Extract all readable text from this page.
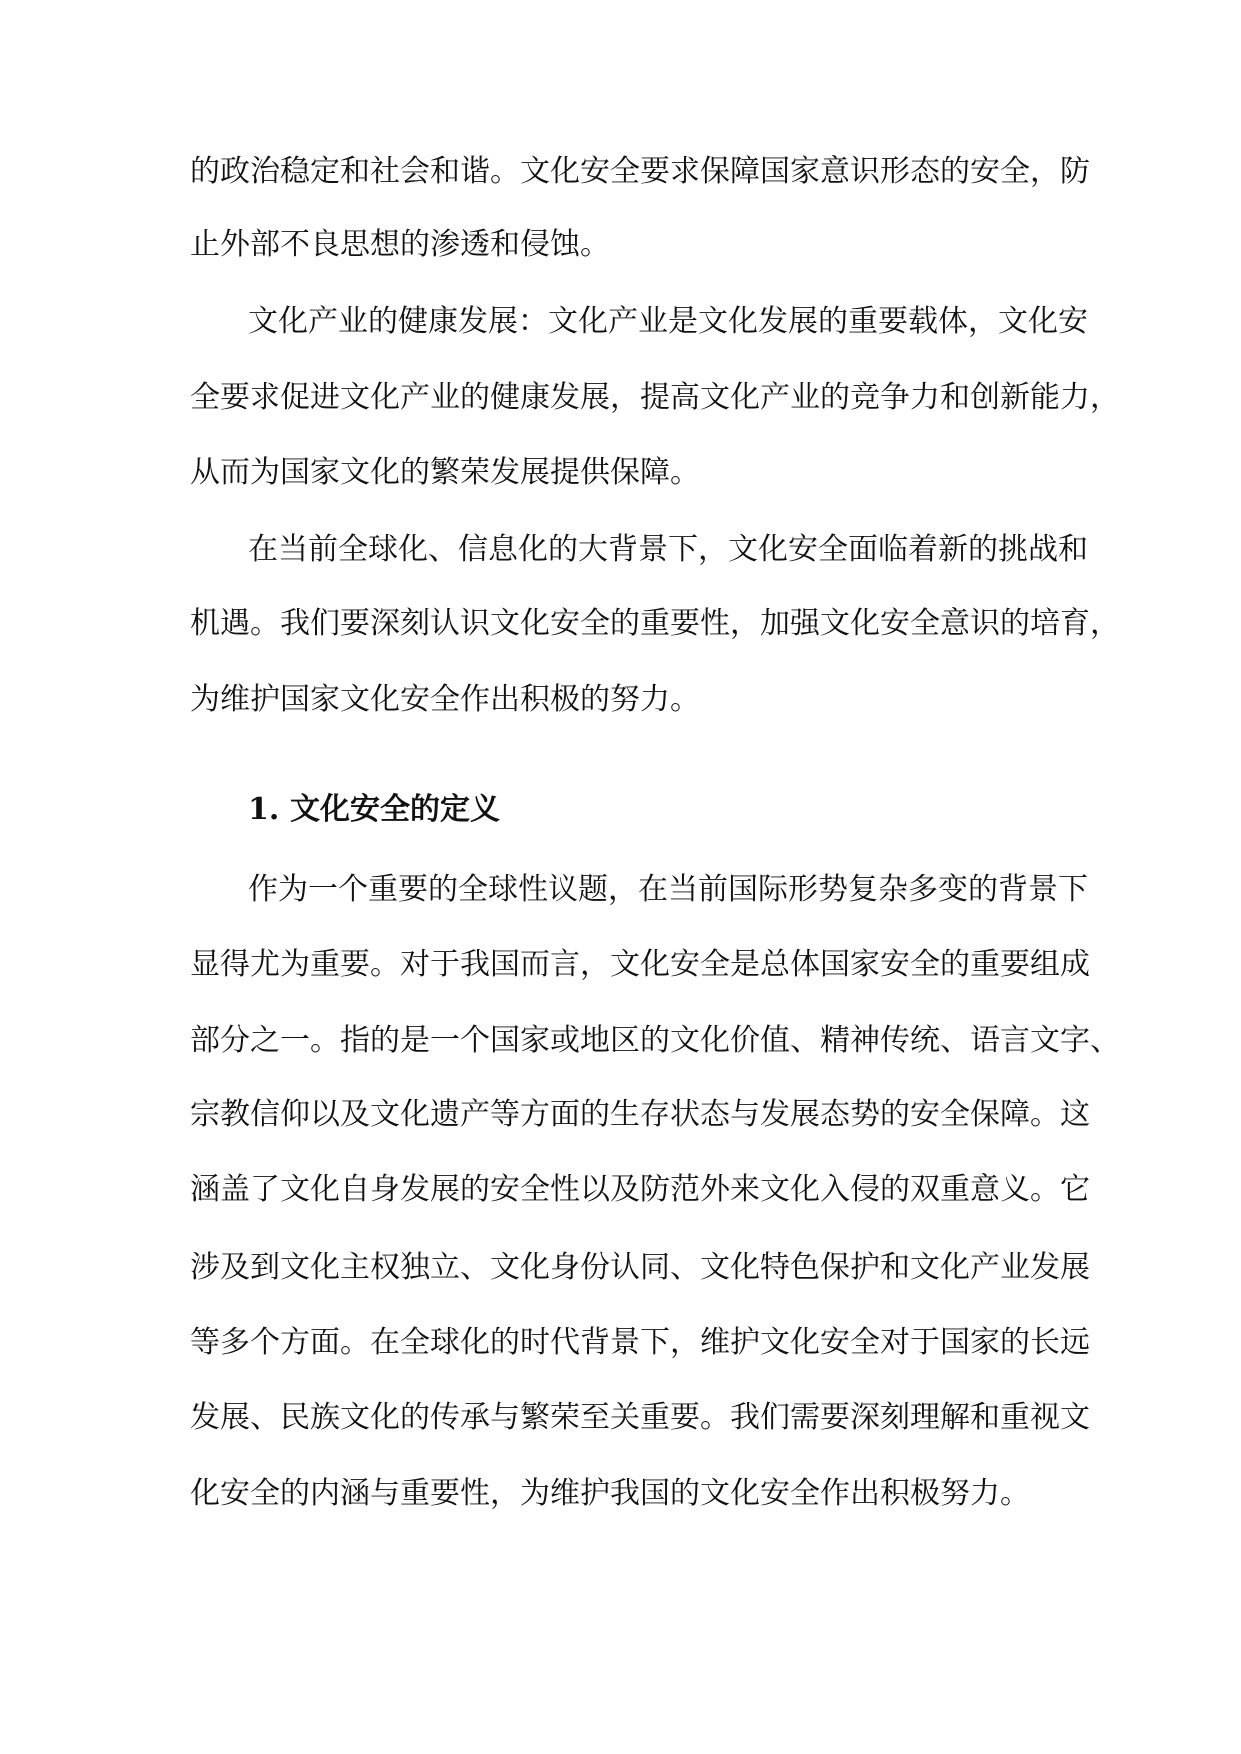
的政治稳定和社会和谐。文化安全要求保障国家意识形态的安全，防

止外部不良思想的渗透和侵蚀。

文化产业的健康发展：文化产业是文化发展的重要载体，文化安

全要求促进文化产业的健康发展，提高文化产业的竞争力和创新能力，

从而为国家文化的繁荣发展提供保障。

在当前全球化、信息化的大背景下，文化安全面临着新的挑战和

机遇。我们要深刻认识文化安全的重要性，加强文化安全意识的培育，

为维护国家文化安全作出积极的努力。

1. 文化安全的定义

作为一个重要的全球性议题，在当前国际形势复杂多变的背景下

显得尤为重要。对于我国而言，文化安全是总体国家安全的重要组成

部分之一。指的是一个国家或地区的文化价值、精神传统、语言文字、

宗教信仰以及文化遗产等方面的生存状态与发展态势的安全保障。这

涵盖了文化自身发展的安全性以及防范外来文化入侵的双重意义。它

涉及到文化主权独立、文化身份认同、文化特色保护和文化产业发展

等多个方面。在全球化的时代背景下，维护文化安全对于国家的长远

发展、民族文化的传承与繁荣至关重要。我们需要深刻理解和重视文

化安全的内涵与重要性，为维护我国的文化安全作出积极努力。
